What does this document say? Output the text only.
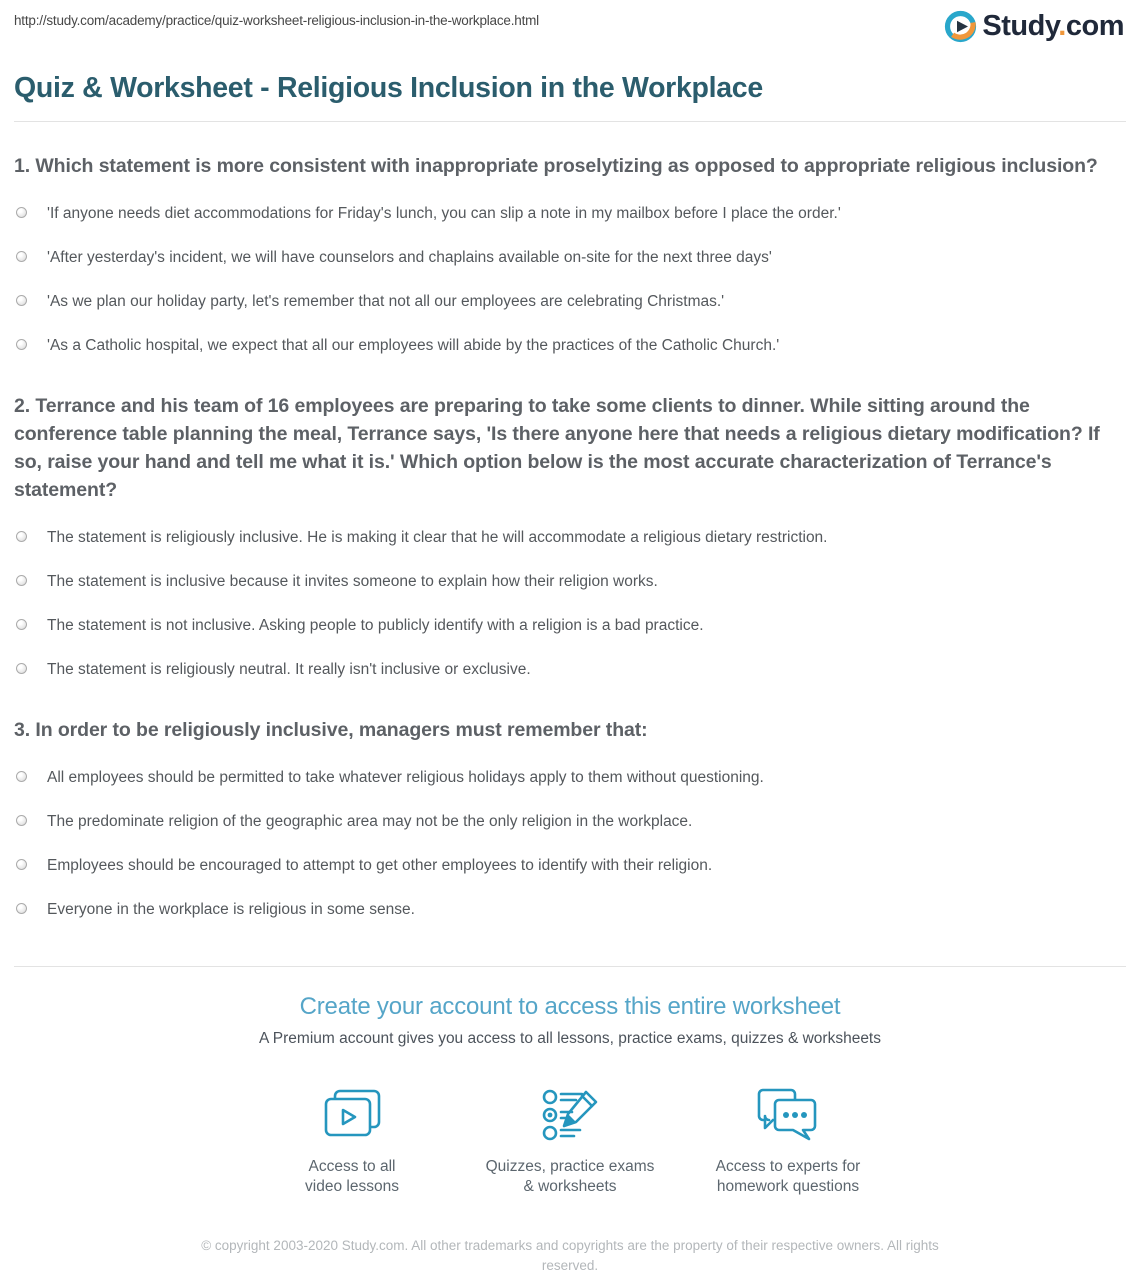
http://study.com/academy/practice/quiz-worksheet-religious-inclusion-in-the-workplace.html	Study.com
Quiz & Worksheet - Religious Inclusion in the Workplace
1. Which statement is more consistent with inappropriate proselytizing as opposed to appropriate religious inclusion?
'If anyone needs diet accommodations for Friday's lunch, you can slip a note in my mailbox before I place the order.'
'After yesterday's incident, we will have counselors and chaplains available on-site for the next three days'
'As we plan our holiday party, let's remember that not all our employees are celebrating Christmas.'
'As a Catholic hospital, we expect that all our employees will abide by the practices of the Catholic Church.'
2. Terrance and his team of 16 employees are preparing to take some clients to dinner. While sitting around the conference table planning the meal, Terrance says, 'Is there anyone here that needs a religious dietary modification? If so, raise your hand and tell me what it is.' Which option below is the most accurate characterization of Terrance's statement?
The statement is religiously inclusive. He is making it clear that he will accommodate a religious dietary restriction.
The statement is inclusive because it invites someone to explain how their religion works.
The statement is not inclusive. Asking people to publicly identify with a religion is a bad practice.
The statement is religiously neutral. It really isn't inclusive or exclusive.
3. In order to be religiously inclusive, managers must remember that:
All employees should be permitted to take whatever religious holidays apply to them without questioning.
The predominate religion of the geographic area may not be the only religion in the workplace.
Employees should be encouraged to attempt to get other employees to identify with their religion.
Everyone in the workplace is religious in some sense.
Create your account to access this entire worksheet
A Premium account gives you access to all lessons, practice exams, quizzes & worksheets
Access to all
video lessons
Quizzes, practice exams
& worksheets
Access to experts for
homework questions
© copyright 2003-2020 Study.com. All other trademarks and copyrights are the property of their respective owners. All rights reserved.
